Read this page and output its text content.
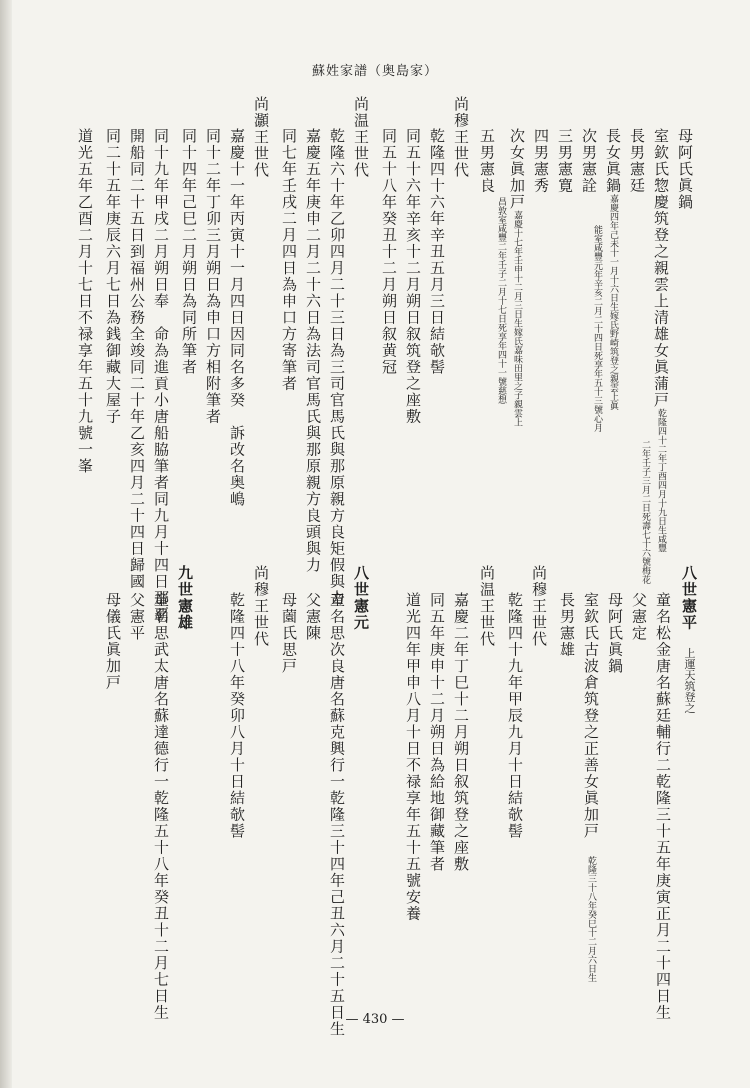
蘇姓家譜（奥島家）
母阿氏眞鍋
室欽氏惣慶筑登之親雲上清雄女眞蒲戸乾隆四十二年丁酉四月十九日生咸豐
二年壬子三月二日死壽七十六號梅花
長男憲廷
長女眞鍋嘉慶四年己未十一月十六日生嫁氏野崎筑登之親雲上眞
能室咸豐元年辛亥二月二十四日死享年五十三號心月
次男憲詮
三男憲寛
四男憲秀
次女眞加戸嘉慶十七年壬申十二月三日生嫁氏嘉味田里之子親雲上
昌敦室咸豐二年壬子二月十七日死享年四十一號慈想
五男憲良
尚穆王世代
乾隆四十六年辛丑五月三日結欹髻
同五十六年辛亥十二月朔日叙筑登之座敷
同五十八年癸丑十二月朔日叙黄冠
尚温王世代
乾隆六十年乙卯四月二十三日為三司官馬氏與那原親方良矩假與力
嘉慶五年庚申二月二十六日為法司官馬氏與那原親方良頭與力
同七年壬戌二月四日為申口方寄筆者
尚灝王世代
嘉慶十一年丙寅十一月四日因同名多癸　訴改名奥嶋
同十二年丁卯三月朔日為申口方相附筆者
同十四年己巳二月朔日為同所筆者
同十九年甲戌二月朔日奉　命為進貢小唐船脇筆者同九月十四日那覇
開船同二十五日到福州公務全竣同二十年乙亥四月二十四日歸國
同二十五年庚辰六月七日為銭御藏大屋子
道光五年乙酉二月十七日不禄享年五十九號一峯
八世憲平　上運天筑登之
童名松金唐名蘇廷輔行二乾隆三十五年庚寅正月二十四日生
父憲定
母阿氏眞鍋
室欽氏古波倉筑登之正善女眞加戸　乾隆三十八年癸巳十二月六日生
長男憲雄
尚穆王世代
乾隆四十九年甲辰九月十日結欹髻
尚温王世代
嘉慶二年丁巳十二月朔日叙筑登之座敷
同五年庚申十二月朔日為給地御藏筆者
道光四年甲申八月十日不禄享年五十五號安養
八世憲元
童名思次良唐名蘇克興行一乾隆三十四年己丑六月二十五日生
父憲陳
母薗氏思戸
尚穆王世代
乾隆四十八年癸卯八月十日結欹髻
九世憲雄
童名思武太唐名蘇達德行一乾隆五十八年癸丑十二月七日生
父憲平
母儀氏眞加戸
— 430 —
